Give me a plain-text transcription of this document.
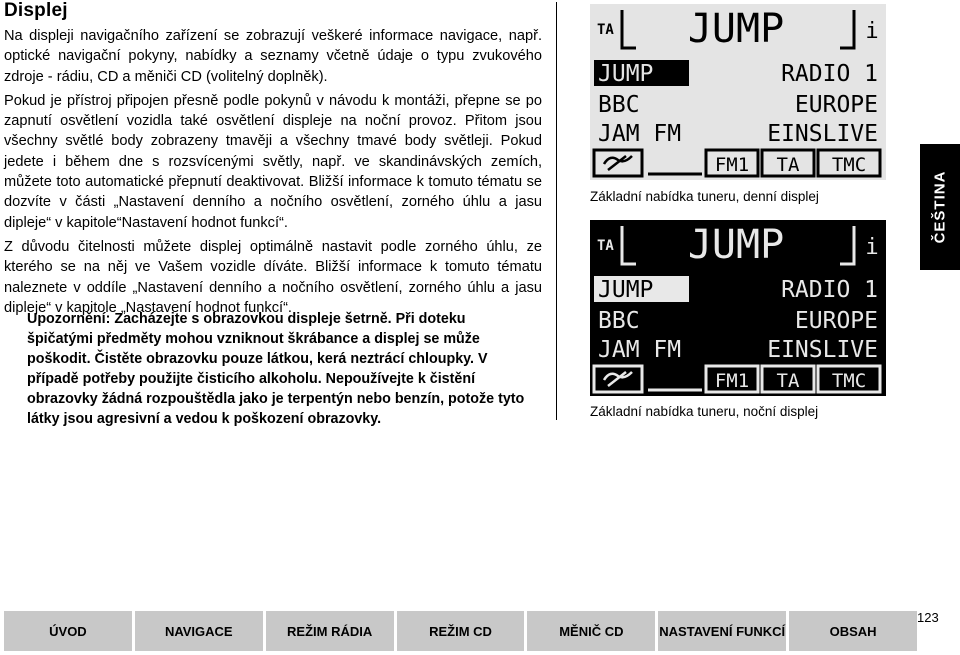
Displej

Na displeji navigačního zařízení se zobrazují veškeré informace navigace, např. optické navigační pokyny, nabídky a seznamy včetně údaje o typu zvukového zdroje - rádiu, CD a měniči CD (volitelný doplněk).

Pokud je přístroj připojen přesně podle pokynů v návodu k montáži, přepne se po zapnutí osvětlení vozidla také osvětlení displeje na noční provoz. Přitom jsou všechny světlé body zobrazeny tmavěji a všechny tmavé body světleji. Pokud jedete i během dne s rozsvícenými světly, např. ve skandinávských zemích, můžete toto automatické přepnutí deaktivovat. Bližší informace k tomuto tématu se dozvíte v části „Nastavení denního a nočního osvětlení, zorného úhlu a jasu dipleje“ v kapitole“Nastavení hodnot funkcí“.

Z důvodu čitelnosti můžete displej optimálně nastavit podle zorného úhlu, ze kterého se na něj ve Vašem vozidle díváte. Bližší informace k tomuto tématu naleznete v oddíle „Nastavení denního a nočního osvětlení, zorného úhlu a jasu dipleje“ v kapitole „Nastavení hodnot funkcí“.

Upozornění: Zacházejte s obrazovkou displeje šetrně. Při doteku špičatými předměty mohou vzniknout škrábance a displej se může poškodit. Čistěte obrazovku pouze látkou, kerá neztrácí chloupky. V případě potřeby použijte čisticího alkoholu. Nepoužívejte k čistění obrazovky žádná rozpouštědla jako je terpentýn nebo benzín, potože tyto látky jsou agresivní a vedou k poškození obrazovky.
TA JUMP	i
JUMP	RADIO 1
BBC	EUROPE
JAM FM	EINSLIVE
FM1 TA TMC
Základní nabídka tuneru, denní displej
TA JUMP	i
JUMP	RADIO 1
BBC	EUROPE
JAM FM	EINSLIVE
FM1 TA TMC
Základní nabídka tuneru, noční displej
ČEŠTINA
ÚVOD	NAVIGACE	REŽIM RÁDIA	REŽIM CD	MĚNIČ CD	NASTAVENÍ FUNKCÍ	OBSAH
123
